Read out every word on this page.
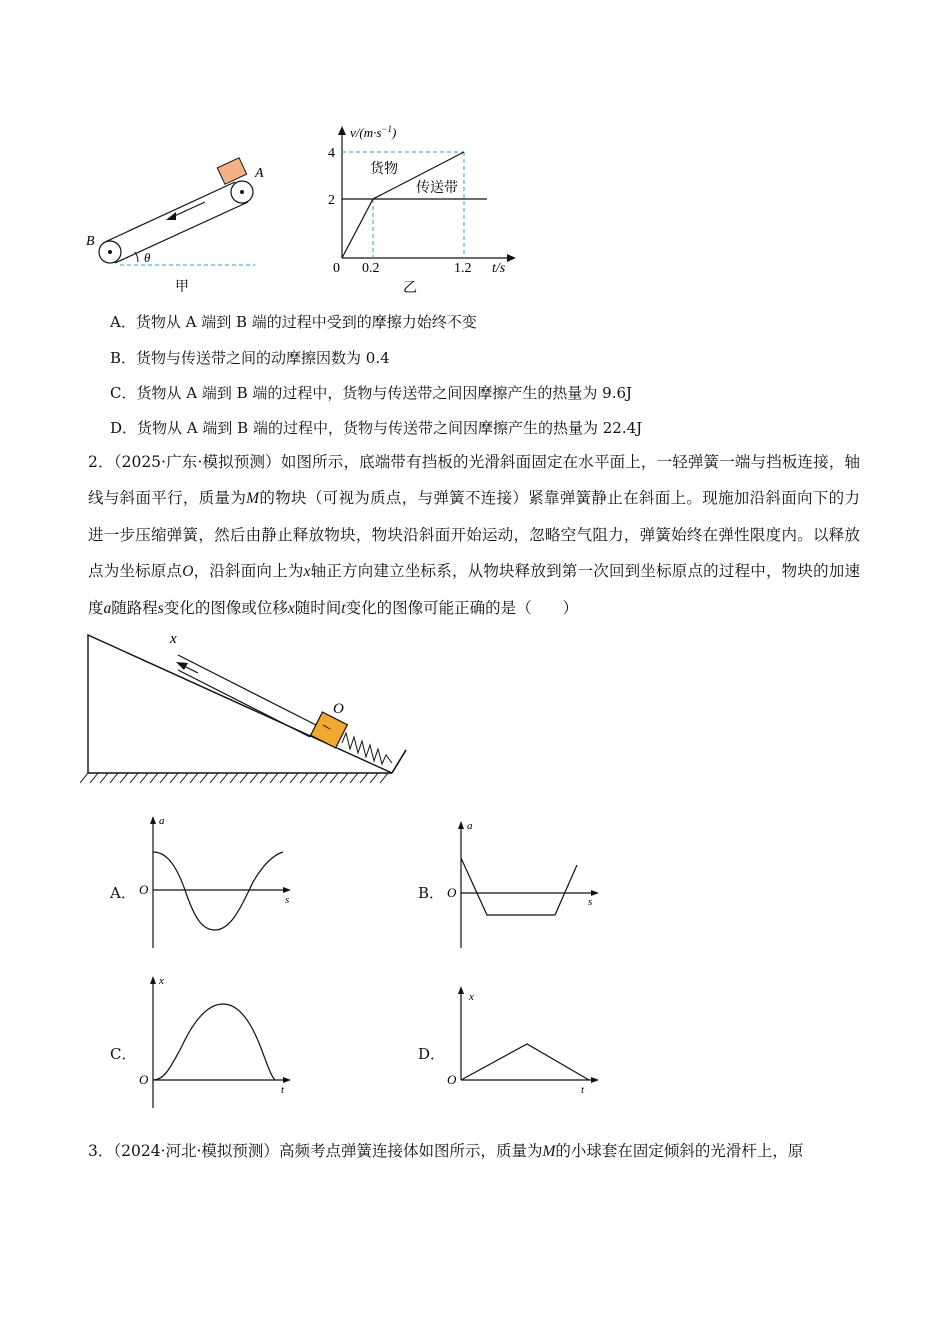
A
B
θ
甲
$v/(m\cdot s^{-1})$
4
2
0 0.2	1.2 t/s
货物
传送带
乙
A．货物从 A 端到 B 端的过程中受到的摩擦力始终不变
B．货物与传送带之间的动摩擦因数为 0.4
C．货物从 A 端到 B 端的过程中，货物与传送带之间因摩擦产生的热量为 9.6J
D．货物从 A 端到 B 端的过程中，货物与传送带之间因摩擦产生的热量为 22.4J
2．（2025·广东·模拟预测）如图所示，底端带有挡板的光滑斜面固定在水平面上，一轻弹簧一端与挡板连接，轴线与斜面平行，质量为M的物块（可视为质点，与弹簧不连接）紧靠弹簧静止在斜面上。现施加沿斜面向下的力进一步压缩弹簧，然后由静止释放物块，物块沿斜面开始运动，忽略空气阻力，弹簧始终在弹性限度内。以释放点为坐标原点O，沿斜面向上为x轴正方向建立坐标系，从物块释放到第一次回到坐标原点的过程中，物块的加速度a随路程s变化的图像或位移x随时间t变化的图像可能正确的是（　　）
x
O
A．
a
O
s	B．
a
O
s
C．
x
O
t
D．
x
O
t
3．（2024·河北·模拟预测）高频考点弹簧连接体如图所示，质量为M的小球套在固定倾斜的光滑杆上，原
